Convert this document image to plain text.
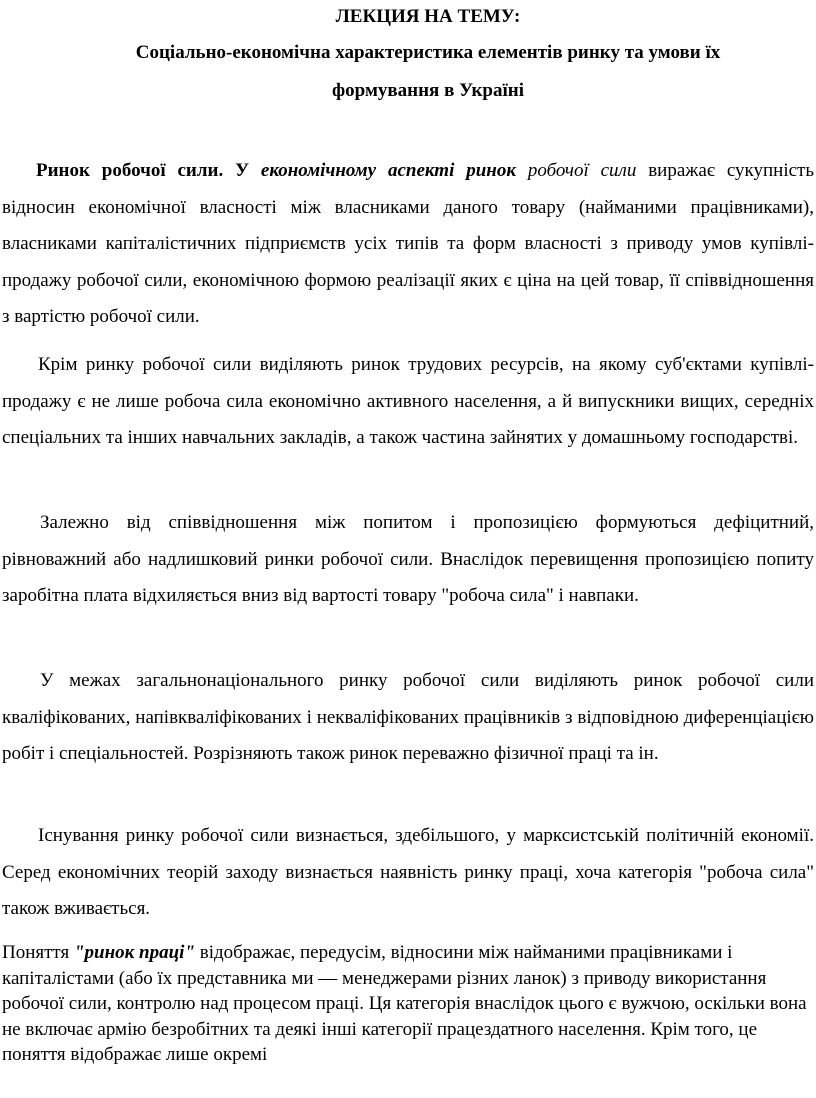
ЛЕКЦИЯ НА ТЕМУ:
Соціально-економічна характеристика елементів ринку та умови їх
формування в Україні

Ринок робочої сили. У економічному аспекті ринок робочої сили виражає сукупність відносин економічної власності між власниками даного товару (найманими працівниками), власниками капіталістичних підприємств усіх типів та форм власності з приводу умов купівлі-продажу робочої сили, економічною формою реалізації яких є ціна на цей товар, її співвідношення з вартістю робочої сили.

Крім ринку робочої сили виділяють ринок трудових ресурсів, на якому суб'єктами купівлі-продажу є не лише робоча сила економічно активного населення, а й випускники вищих, середніх спеціальних та інших навчальних закладів, а також частина зайнятих у домашньому господарстві.

Залежно від співвідношення між попитом і пропозицією формуються дефіцитний, рівноважний або надлишковий ринки робочої сили. Внаслідок перевищення пропозицією попиту заробітна плата відхиляється вниз від вартості товару "робоча сила" і навпаки.

У межах загальнонаціонального ринку робочої сили виділяють ринок робочої сили кваліфікованих, напівкваліфікованих і некваліфікованих працівників з відповідною диференціацією робіт і спеціальностей. Розрізняють також ринок переважно фізичної праці та ін.

Існування ринку робочої сили визнається, здебільшого, у марксистській політичній економії. Серед економічних теорій заходу визнається наявність ринку праці, хоча категорія "робоча сила" також вживається.

Поняття "ринок праці" відображає, передусім, відносини між найманими працівниками і капіталістами (або їх представника ми — менеджерами різних ланок) з приводу використання робочої сили, контролю над процесом праці. Ця категорія внаслідок цього є вужчою, оскільки вона не включає армію безробітних та деякі інші категорії працездатного населення. Крім того, це поняття відображає лише окремі
